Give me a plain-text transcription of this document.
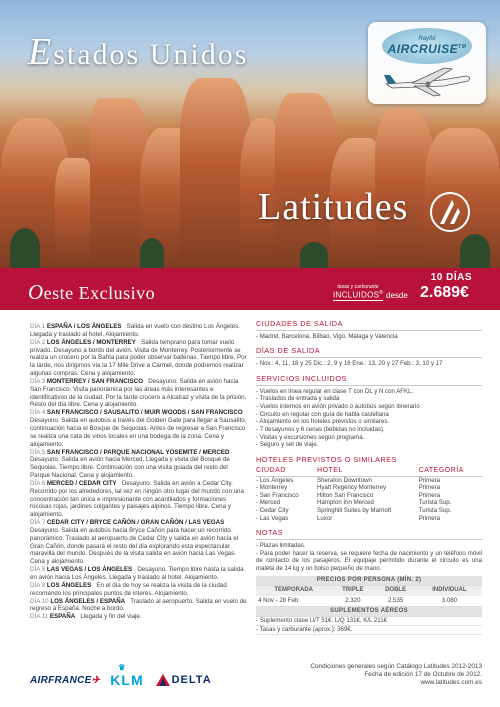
Estados Unidos	Rayñé
AIRCRUISE™
Latitudes
Oeste Exclusivo
10 DÍAS
tasas y carburante
INCLUIDOS® desde 2.689€
DÍA 1 ESPAÑA / LOS ÁNGELES Salida en vuelo con destino Los Ángeles. Llegada y traslado al hotel. Alojamiento.
DÍA 2 LOS ÁNGELES / MONTERREY Salida temprano para tomar vuelo privado. Desayuno a bordo del avión. Visita de Monterrey. Posteriormente se realiza un crucero por la Bahía para poder observar ballenas. Tiempo libre. Por la tarde, nos dirigimos vía la 17 Mile Drive a Carmel, donde podremos realizar algunas compras. Cena y alojamiento.
DÍA 3 MONTERREY / SAN FRANCISCO Desayuno. Salida en avión hacia San Francisco. Visita panorámica por las áreas más interesantes e identificativos de la ciudad. Por la tarde crucero a Alcatraz y visita de la prisión. Resto del día libre. Cena y alojamiento.
DÍA 4 SAN FRANCISCO / SAUSALITO / MUIR WOODS / SAN FRANCISCO   Desayuno. Salida en autobús a través del Golden Gate para llegar a Sausalito, continuación hacia el Bosque de Sequoias. Antes de regresar a San Francisco se realiza una cata de vinos locales en una bodega de la zona. Cena y alojamiento.
DÍA 5 SAN FRANCISCO / PARQUE NACIONAL YOSEMITE / MERCED   Desayuno. Salida en avión hacia Merced. Llegada y visita del Bosque de Sequoias. Tiempo libre. Continuación con una visita guiada del resto del Parque Nacional. Cena y alojamiento.
DÍA 6 MERCED / CEDAR CITY Desayuno. Salida en avión a Cedar City. Recorrido por los alrededores, tal vez en ningún otro lugar del mundo con una concentración tan única e impresionante con acantilados y formaciones rocosas rojas, jardines colgantes y paisajes alpinos. Tiempo libre. Cena y alojamiento.
DÍA 7 CEDAR CITY / BRYCE CAÑÓN / GRAN CAÑÓN / LAS VEGAS   Desayuno. Salida en autobús hacia Bryce Cañón para hacer un recorrido panorámico. Traslado al aeropuerto de Cedar City y salida en avión hacia el Gran Cañón, donde pasará el resto del día explorando esta espectacular maravilla del mundo. Después de la visita salida en avión hacia Las Vegas. Cena y alojamiento.
DÍA 8 LAS VEGAS / LOS ÁNGELES Desayuno. Tiempo libre hasta la salida en avión hacia Los Ángeles. Llegada y traslado al hotel. Alojamiento.
DÍA 9 LOS ÁNGELES En el día de hoy se realiza la visita de la ciudad recorriendo los principales puntos de interés. Alojamiento.
DÍA 10 LOS ÁNGELES / ESPAÑA Traslado al aeropuerto. Salida en vuelo de regreso a España. Noche a bordo.
DÍA 11 ESPAÑA Llegada y fin del viaje.
CIUDADES DE SALIDA
- Madrid, Barcelona, Bilbao, Vigo, Málaga y Valencia
DÍAS DE SALIDA
- Nov.: 4, 11, 18 y 25 Dic.: 2, 9 y 16 Ene.: 13, 20 y 27 Feb.: 3, 10 y 17
SERVICIOS INCLUIDOS
- Vuelos en línea regular en clase T con DL y N con AFKL.
- Traslados de entrada y salida
- Vuelos internos en avión privado o autobús según itinerario
- Circuito en regular con guía de habla castellana
- Alojamiento en los hoteles previstos o similares.
- 7 desayunos y 6 cenas (bebidas no incluidas).
- Visitas y excursiones según programa.
- Seguro y set de viaje.
HOTELES PREVISTOS O SIMILARES
CIUDAD	HOTEL	CATEGORÍA
- Los Ángeles	Sheraton Downtown	Primera
- Monterrey	Hyatt Regency Monterrey	Primera
- San Francisco	Hilton San Francisco	Primera
- Merced	Hampton Inn Merced	Turista Sup.
- Cedar City	Springhill Suites by Marriott	Turista Sup.
- Las Vegas	Luxor	Primera
NOTAS
- Plazas limitadas.
- Para poder hacer la reserva, se requiere fecha de nacimiento y un teléfono móvil de contacto de los pasajeros. El equipaje permitido durante el circuito es una maleta de 14 kg y un bolso pequeño de mano.
PRECIOS POR PERSONA (MÍN. 2)			
TEMPORADA	TRIPLE	DOBLE	INDIVIDUAL
4 Nov - 28 Feb	2.320	2.535	3.080
SUPLEMENTOS AÉREOS			
- Suplemento clase U/T 51€, L/Q 131€, K/L 211€
- Tasas y carburante (aprox.): 369€.
AIRFRANCE✈
♛
KLM	DELTA
Condiciones generales según Catálogo Latitudes 2012-2013
Fecha de edición 17 de Octubre de 2012.
www.latitudes.com.es
